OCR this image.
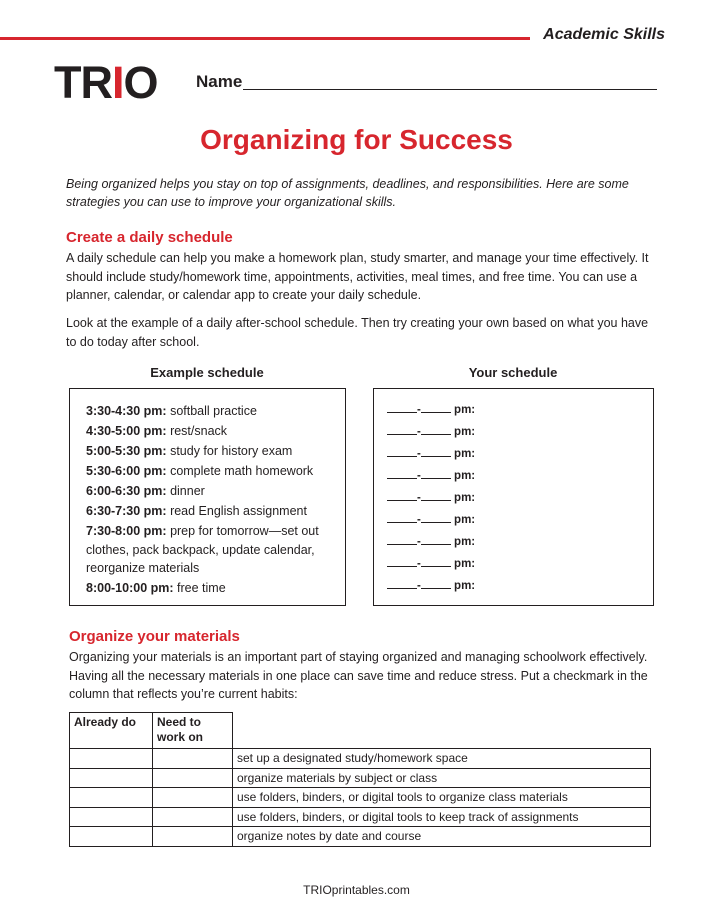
Academic Skills
TRIO Name
Organizing for Success
Being organized helps you stay on top of assignments, deadlines, and responsibilities. Here are some strategies you can use to improve your organizational skills.
Create a daily schedule
A daily schedule can help you make a homework plan, study smarter, and manage your time effectively. It should include study/homework time, appointments, activities, meal times, and free time. You can use a planner, calendar, or calendar app to create your daily schedule.
Look at the example of a daily after-school schedule. Then try creating your own based on what you have to do today after school.
Example schedule	Your schedule
3:30-4:30 pm: softball practice
4:30-5:00 pm: rest/snack
5:00-5:30 pm: study for history exam
5:30-6:00 pm: complete math homework
6:00-6:30 pm: dinner
6:30-7:30 pm: read English assignment
7:30-8:00 pm: prep for tomorrow—set out clothes, pack backpack, update calendar, reorganize materials
8:00-10:00 pm: free time
-	pm:
-	pm:
-	pm:
-	pm:
-	pm:
-	pm:
-	pm:
-	pm:
-	pm:
Organize your materials
Organizing your materials is an important part of staying organized and managing schoolwork effectively. Having all the necessary materials in one place can save time and reduce stress. Put a checkmark in the column that reflects you’re current habits:
Already do	Need to work on	
		set up a designated study/homework space
		organize materials by subject or class
		use folders, binders, or digital tools to organize class materials
		use folders, binders, or digital tools to keep track of assignments
		organize notes by date and course
TRIOprintables.com
